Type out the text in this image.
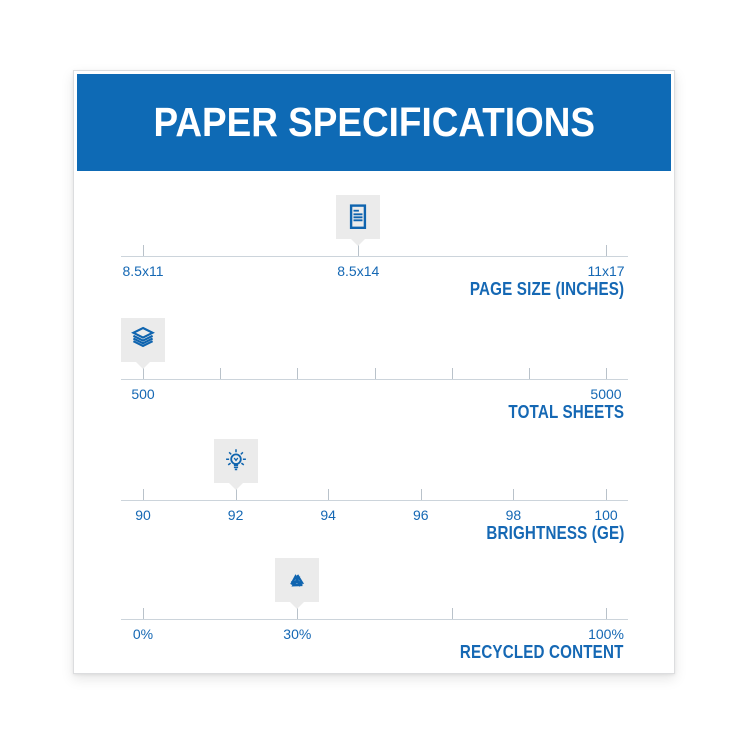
PAPER SPECIFICATIONS
8.5x11	8.5x14	11x17
PAGE SIZE (INCHES)
500	5000
TOTAL SHEETS
90	92	94	96	98	100
BRIGHTNESS (GE)
0%	30%	100%
RECYCLED CONTENT
